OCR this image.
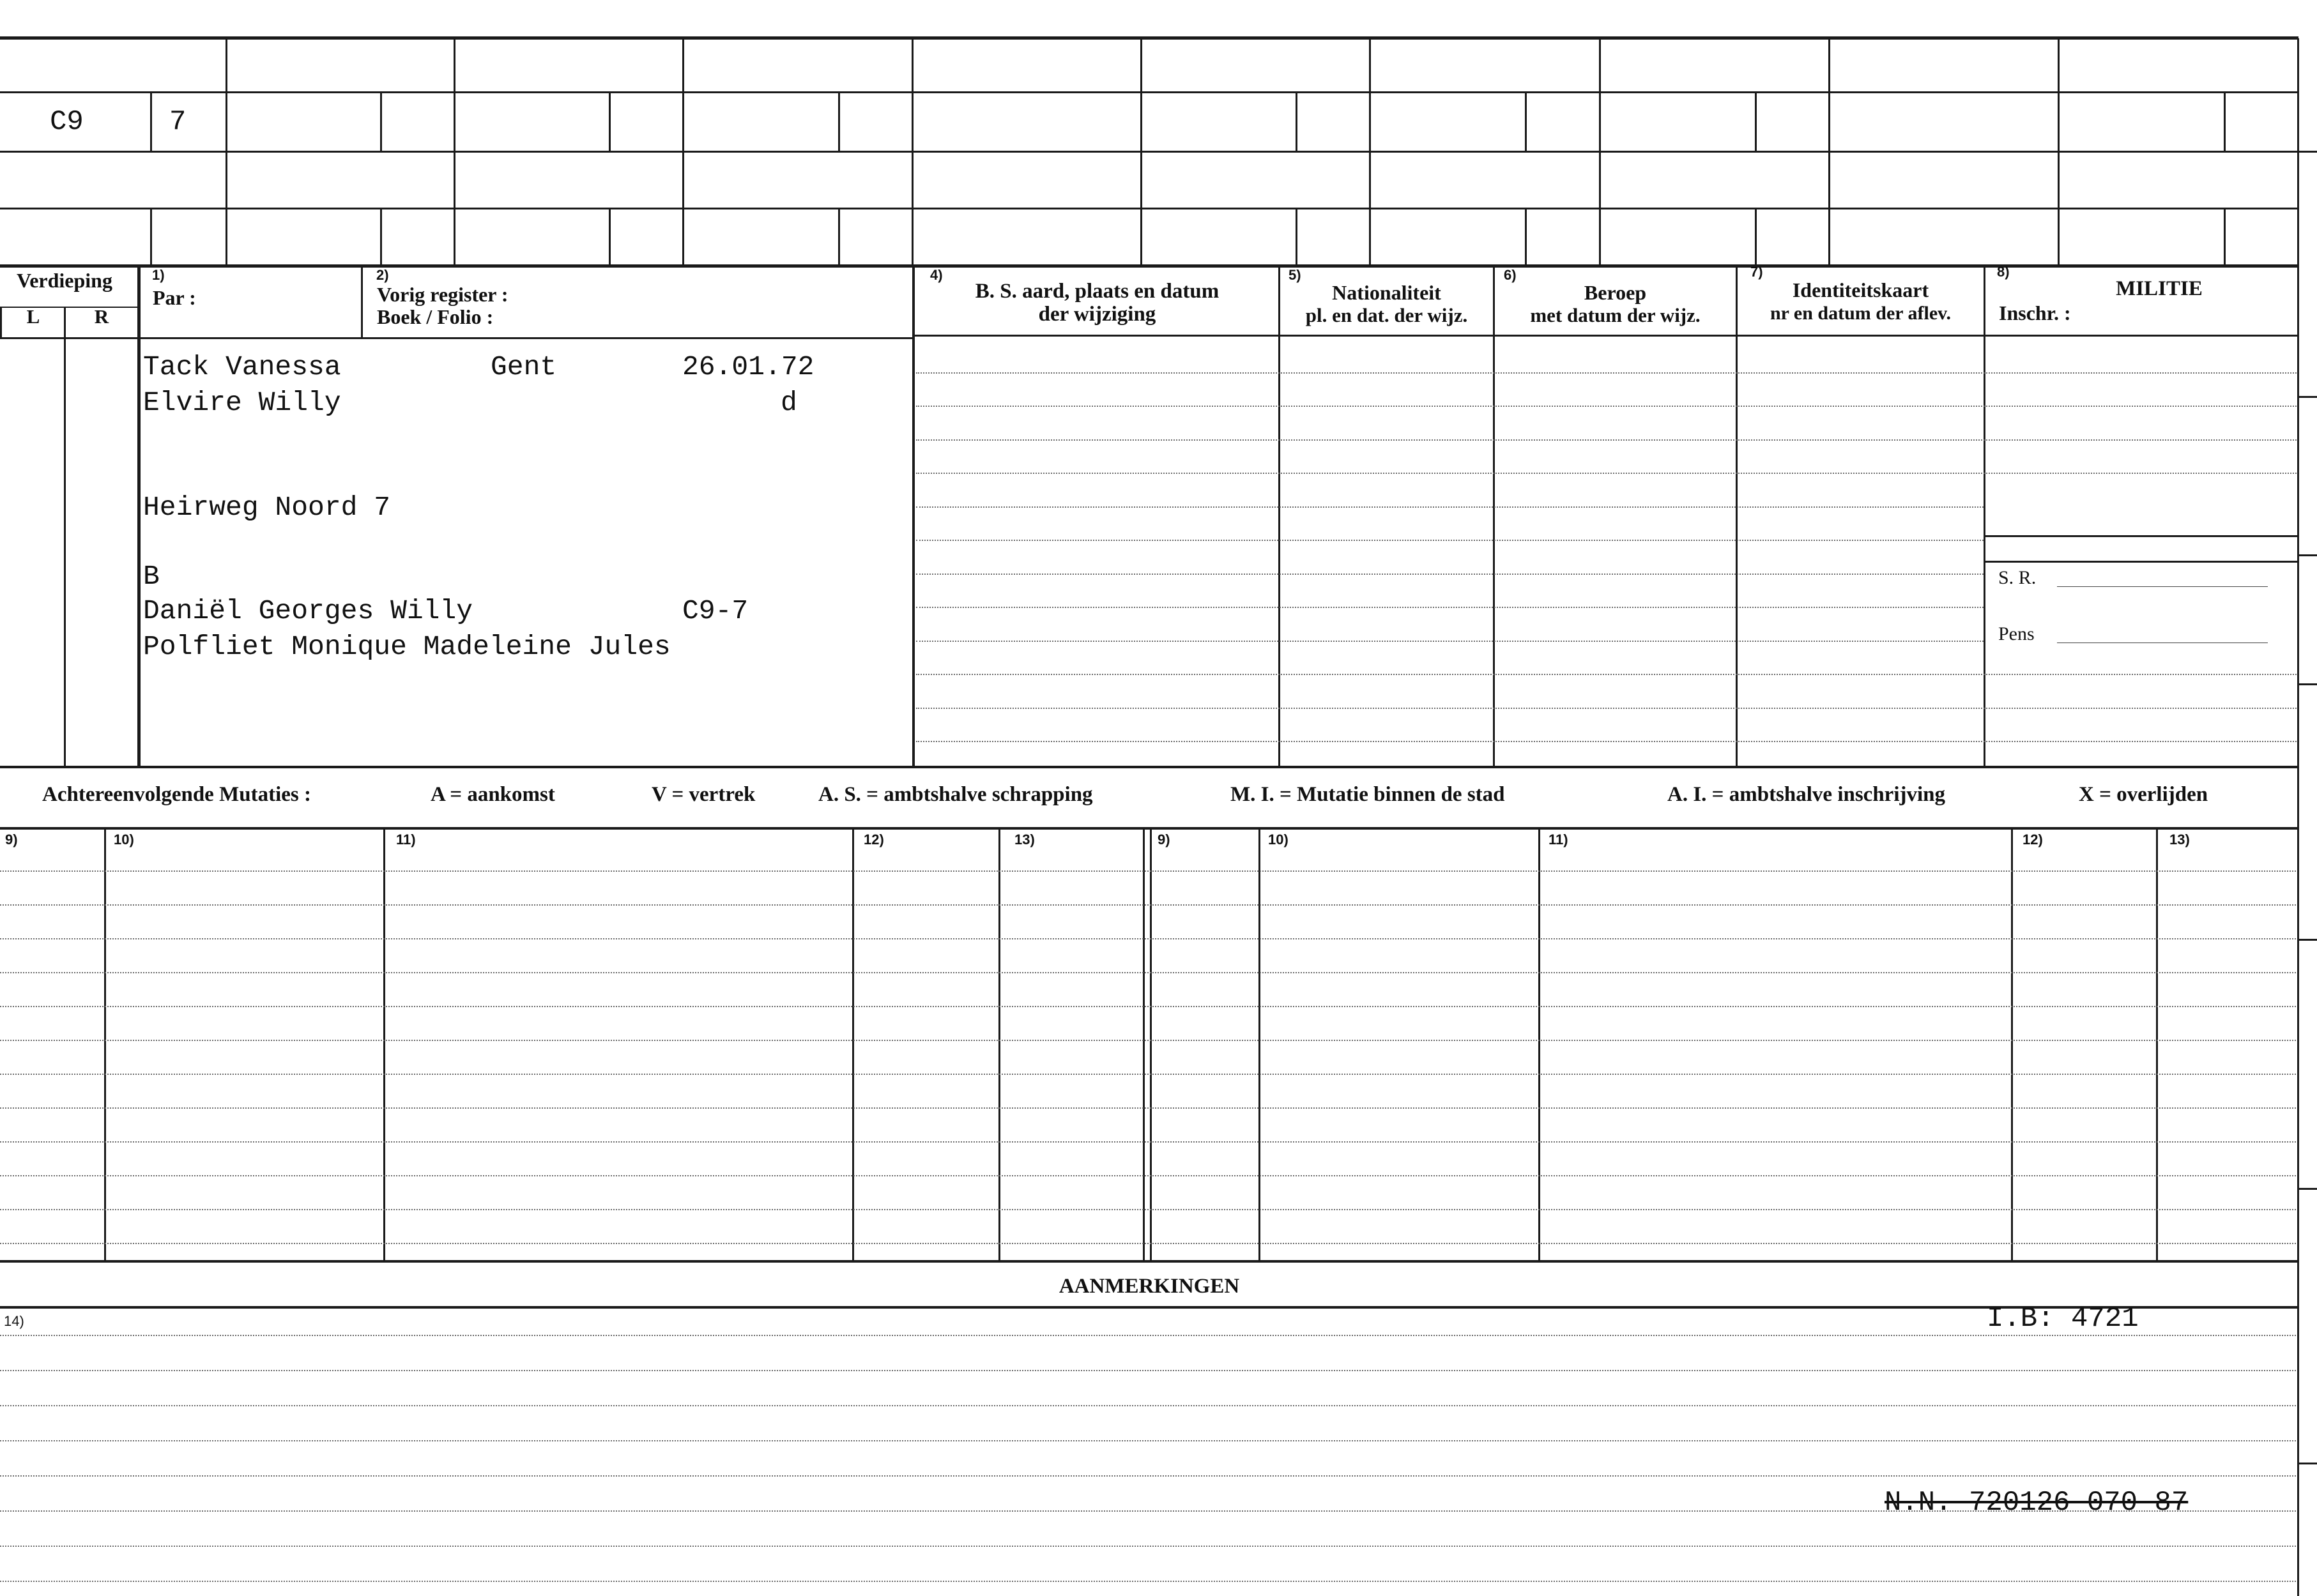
C9	7
Verdieping
L	R
1)
Par :
2)
Vorig register :
Boek / Folio :
4)
B. S. aard, plaats en datum
der wijziging
5)
Nationaliteit
pl. en dat. der wijz.
6)
Beroep
met datum der wijz.
7)
Identiteitskaart
nr en datum der aflev.
8)
MILITIE
Inschr. :
S. R.
Pens
Tack Vanessa	Gent	26.01.72
Elvire Willy	d
Heirweg Noord 7
B
Daniël Georges Willy	C9-7
Polfliet Monique Madeleine Jules
Achtereenvolgende Mutaties :	A = aankomst	V = vertrek	A. S. = ambtshalve schrapping	M. I. = Mutatie binnen de stad	A. I. = ambtshalve inschrijving	X = overlijden
9)	10)	11)	12)	13)	9)	10)	11)	12)	13)
AANMERKINGEN
14)	I.B: 4721
N.N. 720126 070 87
